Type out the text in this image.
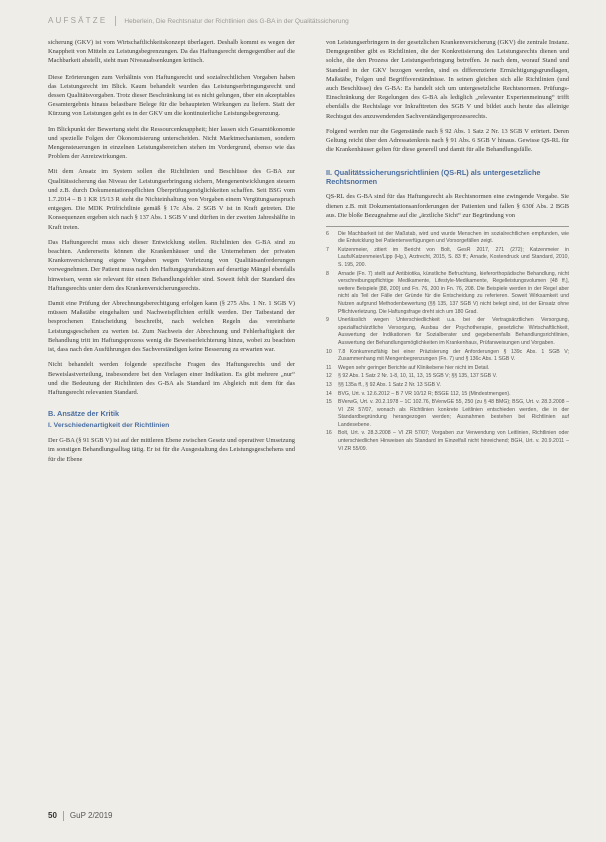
AUFSÄTZE	Heberlein, Die Rechtsnatur der Richtlinien des G-BA in der Qualitätssicherung

sicherung (GKV) ist vom Wirtschaftlichkeitskonzept überlagert. Deshalb kommt es wegen der Knappheit von Mitteln zu Leistungsbegrenzungen. Da das Haftungsrecht demgegenüber auf die Machbarkeit abstellt, sieht man Niveauabsenkungen kritisch.

Diese Erörterungen zum Verhältnis von Haftungsrecht und sozialrechtlichen Vorgaben haben das Leistungsrecht im Blick. Kaum behandelt wurden das Leistungserbringungsrecht und dessen Qualitätsvorgaben. Trotz dieser Beschränkung ist es nicht gelungen, über ein akzeptables Gesamtergebnis hinaus belastbare Belege für die behaupteten Wirkungen zu liefern. Statt der Kürzung von Leistungen geht es in der GKV um die kontinuierliche Leistungsbegrenzung.

Im Blickpunkt der Bewertung steht die Ressourcenknappheit; hier lassen sich Gesamtökonomie und spezielle Folgen der Ökonomisierung unterscheiden. Nicht Marktmechanismen, sondern Mengensteuerungen in einzelnen Leistungsbereichen stehen im Vordergrund, ebenso wie das Problem der Anreizwirkungen.

Mit dem Ansatz im System sollen die Richtlinien und Beschlüsse des G-BA zur Qualitätssicherung das Niveau der Leistungserbringung sichern, Mengenentwicklungen steuern und z.B. durch Dokumentationspflichten Überprüfungsmöglichkeiten schaffen. Seit BSG vom 1.7.2014 – B 1 KR 15/13 R steht die Nichteinhaltung von Vorgaben einem Vergütungsanspruch entgegen. Die MDK Prüfrichtlinie gemäß § 17c Abs. 2 SGB V ist in Kraft getreten. Die Konsequenzen ergeben sich nach § 137 Abs. 1 SGB V und dürften in der zweiten Jahreshälfte in Kraft treten.

Das Haftungsrecht muss sich dieser Entwicklung stellen. Richtlinien des G-BA sind zu beachten. Andererseits können die Krankenhäuser und die Unternehmen der privaten Krankenversicherung eigene Vorgaben wegen Verletzung von Qualitätsanforderungen vorwegnehmen. Der Patient muss nach den Haftungsgrundsätzen auf derartige Mängel ebenfalls hinweisen, wenn sie relevant für einen Behandlungsfehler sind. Soweit fehlt der Standard des Haftungsrechts unter dem des Krankenversicherungsrechts.

Damit eine Prüfung der Abrechnungsberechtigung erfolgen kann (§ 275 Abs. 1 Nr. 1 SGB V) müssen Maßstäbe eingehalten und Nachweispflichten erfüllt werden. Der Tatbestand der besprochenen Entscheidung beschreibt, nach welchen Regeln das vereinbarte Leistungsgeschehen zu werten ist. Zum Nachweis der Abrechnung und Fehlerhaftigkeit der Behandlung tritt im Haftungsprozess wenig die Beweiserleichterung hinzu, wobei zu beachten ist, dass nach den Ausführungen des Sachverständigen keine Besserung zu erwarten war.

Nicht behandelt werden folgende spezifische Fragen des Haftungsrechts und der Beweislastverteilung, insbesondere bei den Vorlagen einer Indikation. Es gibt mehrere „nur“ und die Bedeutung der Richtlinien des G-BA als Standard im Abgleich mit dem für das Haftungsrecht relevanten Standard.

B. Ansätze der Kritik
I. Verschiedenartigkeit der Richtlinien

Der G-BA (§ 91 SGB V) ist auf der mittleren Ebene zwischen Gesetz und operativer Umsetzung im sonstigen Behandlungsalltag tätig. Er ist für die Ausgestaltung des Leistungsgeschehens und für die Ebene

von Leistungserbringern in der gesetzlichen Krankenversicherung (GKV) die zentrale Instanz. Demgegenüber gibt es Richtlinien, die der Konkretisierung des Leistungsrechts dienen und solche, die den Prozess der Leistungserbringung betreffen. Je nach dem, worauf Stand und Standard in der GKV bezogen werden, sind es differenzierte Ermächtigungsgrundlagen, Maßstäbe, Folgen und Begriffsverständnisse. In seinen gleichen sich alle Richtlinien (und auch Beschlüsse) des G-BA: Es handelt sich um untergesetzliche Rechtsnormen. Prüfungs-Einschränkung der Regelungen des G-BA als lediglich „relevanter Expertenmeinung“ trifft ebenfalls die Rechtslage vor Inkrafttreten des SGB V und bildet auch heute das alleinige Rechtsgut des anzuwendenden Sachverständigenprozessrechts.

Folgend werden nur die Gegenstände nach § 92 Abs. 1 Satz 2 Nr. 13 SGB V erörtert. Deren Geltung reicht über den Adressatenkreis nach § 91 Abs. 6 SGB V hinaus. Gewisse QS-RL für die Krankenhäuser gelten für diese generell und damit für alle Behandlungsfälle.

II. Qualitätssicherungsrichtlinien (QS-RL) als untergesetzliche Rechtsnormen

QS-RL des G-BA sind für das Haftungsrecht als Rechtsnormen eine zwingende Vorgabe. Sie dienen z.B. mit Dokumentationsanforderungen der Patienten und fallen § 630f Abs. 2 BGB aus. Die bloße Bezugnahme auf die „ärztliche Sicht“ zur Begründung von

6	Die Machbarkeit ist der Maßstab, wird und wurde Menschen im sozialrechtlichen empfunden, wie die Entwicklung bei Patientenverfügungen und Vorsorgefällen zeigt.
7	Kutzenmeier, zitiert im Bericht von Bolt, GesR 2017, 271 (272); Katzenmeier in Laufs/Katzenmeier/Lipp (Hg.), Arztrecht, 2015, S. 83 ff.; Arnade, Kostendruck und Standard, 2010, S. 195, 200.
8	Arnade (Fn. 7) stellt auf Antibiotika, künstliche Befruchtung, kieferorthopädische Behandlung, nicht verschreibungspflichtige Medikamente, Lifestyle-Medikamente, Regelleistungsvolumen [48 ff.], weitere Beispiele [88, 200] und Fn. 76, 200 in Fn. 76, 208. Die Beispiele werden in der Regel aber nicht als Teil der Fälle der Gründe für die Entscheidung zu referieren. Soweit Wirksamkeit und Nutzen aufgrund Methodenbewertung (§§ 135, 137 SGB V) nicht belegt sind, ist der Einsatz ohne Pflichtverletzung. Die Haftungsfrage dreht sich um 180 Grad.
9	Unerlässlich wegen Unterschiedlichkeit u.a. bei der Vertragsärztlichen Versorgung, spezialfachärztliche Versorgung, Ausbau der Psychotherapie, gesetzliche Wirtschaftlichkeit, Auswertung der Indikationen für Sozialberater und gegebenenfalls Behandlungsrichtlinien, Auswertung der Behandlungsmöglichkeiten im Krankenhaus, Prüfanweisungen und Vorgaben.
10	7.8 Konkurrenzfähig bei einer Präzisierung der Anforderungen § 139c Abs. 1 SGB V; Zusammenhang mit Mengenbegrenzungen (Fn. 7) und § 136c Abs. 1 SGB V.
11	Wegen sehr geringer Berichte auf Klinikebene hier nicht im Detail.
12	§ 92 Abs. 1 Satz 2 Nr. 1-8, 10, 11, 13, 15 SGB V; §§ 135, 137 SGB V.
13	§§ 135a ff., § 92 Abs. 1 Satz 2 Nr. 13 SGB V.
14	BVG, Urt. v. 12.6.2012 – B 7 VR 10/12 R; BSGE 112, 15 (Mindestmengen).
15	BVerwG, Urt. v. 20.2.1978 – 1C 102.76, BVerwGE 55, 250 (zu § 48 BMG); BSG, Urt. v. 28.3.2008 – VI ZR 57/07, wonach als Richtlinien konkrete Leitlinien entschieden werden, die in der Standardbegründung herangezogen werden; Ausnahmen bestehen bei Richtlinien auf Landesebene.
16	Bolt, Urt. v. 28.3.2008 – VI ZR 57/07; Vorgaben zur Verwendung von Leitlinien, Richtlinien oder unterschiedlichen Hinweisen als Standard im Einzelfall nicht hinreichend; BGH, Urt. v. 20.9.2011 – VI ZR 55/09.
50 GuP 2/2019
